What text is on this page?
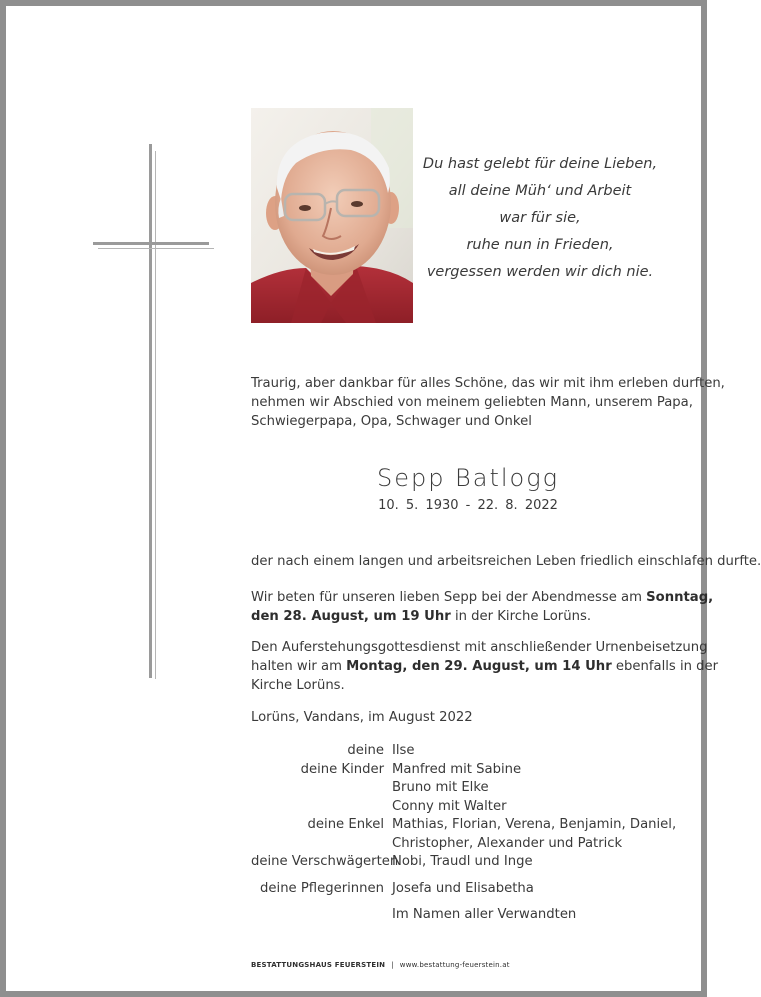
Du hast gelebt für deine Lieben,
all deine Müh‘ und Arbeit
war für sie,
ruhe nun in Frieden,
vergessen werden wir dich nie.
Traurig, aber dankbar für alles Schöne, das wir mit ihm erleben durften,
nehmen wir Abschied von meinem geliebten Mann, unserem Papa,
Schwiegerpapa, Opa, Schwager und Onkel
Sepp Batlogg
10. 5. 1930 - 22. 8. 2022
der nach einem langen und arbeitsreichen Leben friedlich einschlafen durfte.
Wir beten für unseren lieben Sepp bei der Abendmesse am Sonntag,
den 28. August, um 19 Uhr in der Kirche Lorüns.
Den Auferstehungsgottesdienst mit anschließender Urnenbeisetzung
halten wir am Montag, den 29. August, um 14 Uhr ebenfalls in der
Kirche Lorüns.
Lorüns, Vandans, im August 2022
deine Ilse
deine Kinder Manfred mit Sabine
Bruno mit Elke
Conny mit Walter
deine Enkel Mathias, Florian, Verena, Benjamin, Daniel,
Christopher, Alexander und Patrick
deine Verschwägerten
Nobi, Traudl und Inge
deine Pflegerinnen Josefa und Elisabetha
Im Namen aller Verwandten
BESTATTUNGSHAUS FEUERSTEIN | www.bestattung-feuerstein.at
